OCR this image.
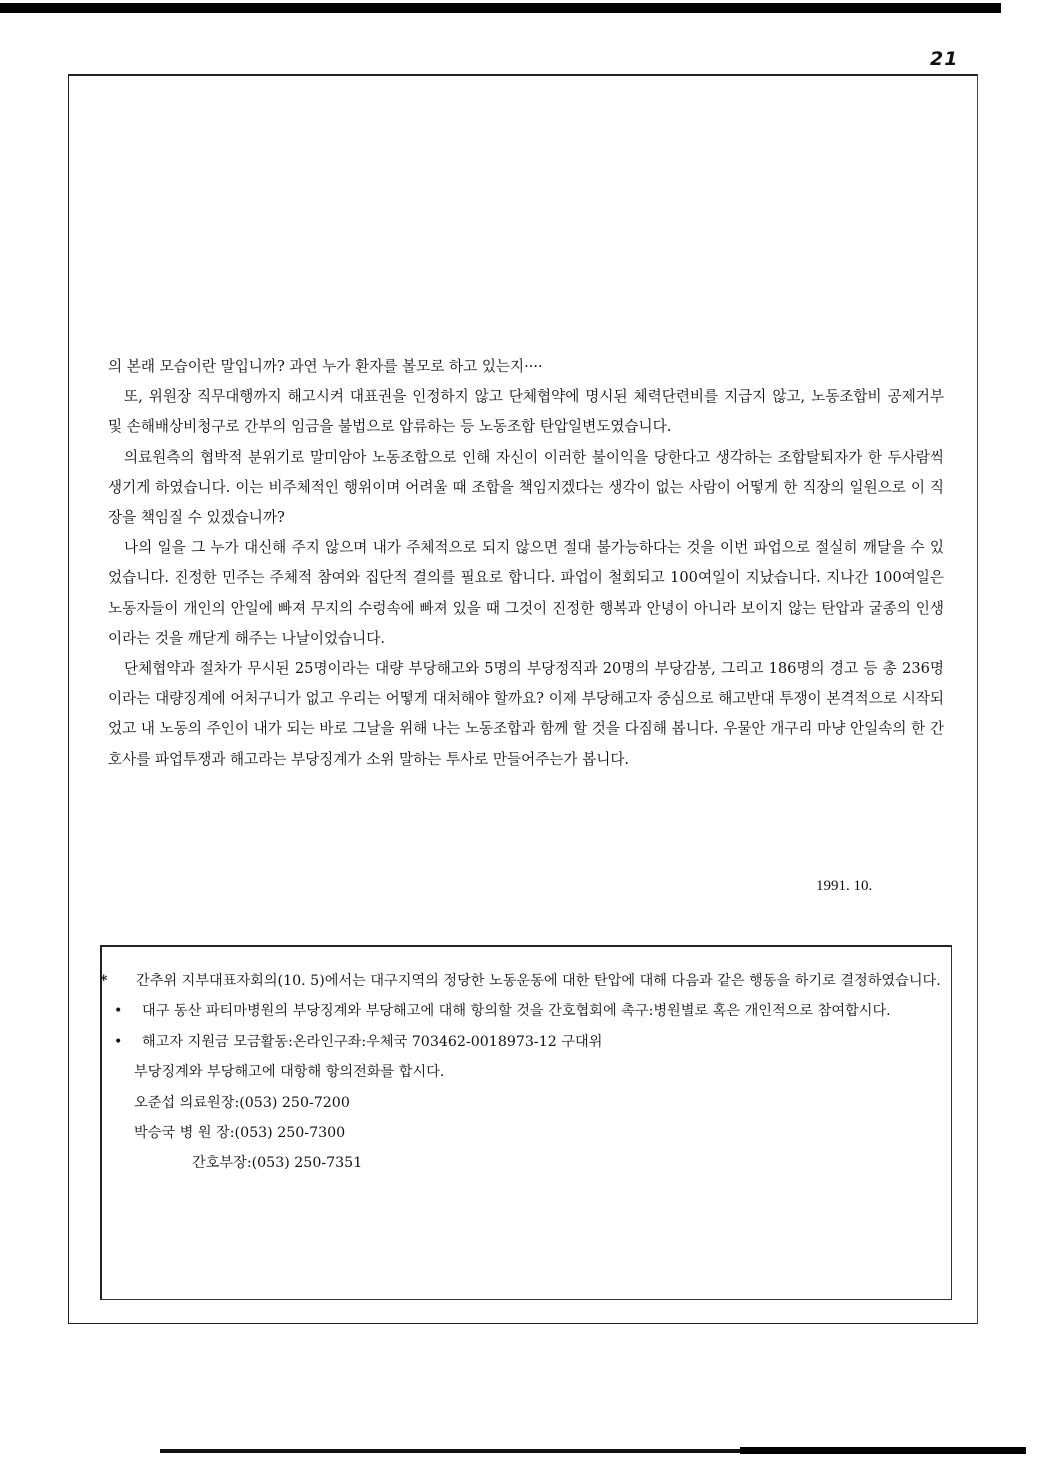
21

의 본래 모습이란 말입니까? 과연 누가 환자를 볼모로 하고 있는지····

또, 위원장 직무대행까지 해고시켜 대표권을 인정하지 않고 단체협약에 명시된 체력단련비를 지급지 않고, 노동조합비 공제거부 및 손해배상비청구로 간부의 임금을 불법으로 압류하는 등 노동조합 탄압일변도였습니다.

의료원측의 협박적 분위기로 말미암아 노동조합으로 인해 자신이 이러한 불이익을 당한다고 생각하는 조합탈퇴자가 한 두사람씩 생기게 하였습니다. 이는 비주체적인 행위이며 어려울 때 조합을 책임지겠다는 생각이 없는 사람이 어떻게 한 직장의 일원으로 이 직장을 책임질 수 있겠습니까?

나의 일을 그 누가 대신해 주지 않으며 내가 주체적으로 되지 않으면 절대 불가능하다는 것을 이번 파업으로 절실히 깨달을 수 있었습니다. 진정한 민주는 주체적 참여와 집단적 결의를 필요로 합니다. 파업이 철회되고 100여일이 지났습니다. 지나간 100여일은 노동자들이 개인의 안일에 빠져 무지의 수렁속에 빠져 있을 때 그것이 진정한 행복과 안녕이 아니라 보이지 않는 탄압과 굴종의 인생이라는 것을 깨닫게 해주는 나날이었습니다.

단체협약과 절차가 무시된 25명이라는 대량 부당해고와 5명의 부당정직과 20명의 부당감봉, 그리고 186명의 경고 등 총 236명이라는 대량징계에 어처구니가 없고 우리는 어떻게 대처해야 할까요? 이제 부당해고자 중심으로 해고반대 투쟁이 본격적으로 시작되었고 내 노동의 주인이 내가 되는 바로 그날을 위해 나는 노동조합과 함께 할 것을 다짐해 봅니다. 우물안 개구리 마냥 안일속의 한 간호사를 파업투쟁과 해고라는 부당징계가 소위 말하는 투사로 만들어주는가 봅니다.

1991. 10.
* 간추위 지부대표자회의(10. 5)에서는 대구지역의 정당한 노동운동에 대한 탄압에 대해 다음과 같은 행동을 하기로 결정하였습니다.
• 대구 동산 파티마병원의 부당징계와 부당해고에 대해 항의할 것을 간호협회에 촉구:병원별로 혹은 개인적으로 참여합시다.
• 해고자 지원금 모금활동:온라인구좌:우체국 703462-0018973-12 구대위
부당징계와 부당해고에 대항해 항의전화를 합시다.
오준섭 의료원장:(053) 250-7200
박승국 병 원 장:(053) 250-7300
간호부장:(053) 250-7351
